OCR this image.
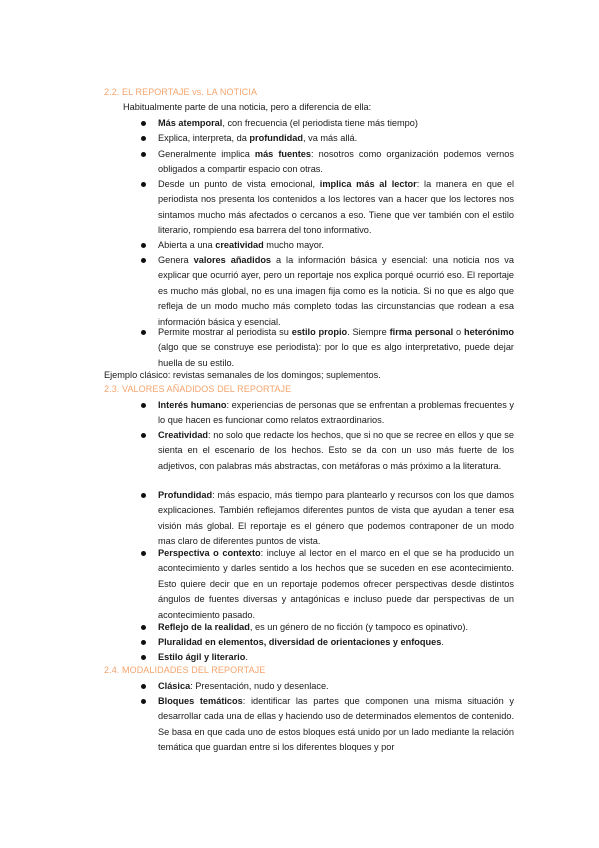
2.2. EL REPORTAJE vs. LA NOTICIA
Habitualmente parte de una noticia, pero a diferencia de ella:
Más atemporal, con frecuencia (el periodista tiene más tiempo)
Explica, interpreta, da profundidad, va más allá.
Generalmente implica más fuentes: nosotros como organización podemos vernos obligados a compartir espacio con otras.
Desde un punto de vista emocional, implica más al lector: la manera en que el periodista nos presenta los contenidos a los lectores van a hacer que los lectores nos sintamos mucho más afectados o cercanos a eso. Tiene que ver también con el estilo literario, rompiendo esa barrera del tono informativo.
Abierta a una creatividad mucho mayor.
Genera valores añadidos a la información básica y esencial: una noticia nos va explicar que ocurrió ayer, pero un reportaje nos explica porqué ocurrió eso. El reportaje es mucho más global, no es una imagen fija como es la noticia. Si no que es algo que refleja de un modo mucho más completo todas las circunstancias que rodean a esa información básica y esencial.
Permite mostrar al periodista su estilo propio. Siempre firma personal o heterónimo (algo que se construye ese periodista): por lo que es algo interpretativo, puede dejar huella de su estilo.
Ejemplo clásico: revistas semanales de los domingos; suplementos.
2.3. VALORES AÑADIDOS DEL REPORTAJE
Interés humano: experiencias de personas que se enfrentan a problemas frecuentes y lo que hacen es funcionar como relatos extraordinarios.
Creatividad: no solo que redacte los hechos, que si no que se recree en ellos y que se sienta en el escenario de los hechos. Esto se da con un uso más fuerte de los adjetivos, con palabras más abstractas, con metáforas o más próximo a la literatura.
Profundidad: más espacio, más tiempo para plantearlo y recursos con los que damos explicaciones. También reflejamos diferentes puntos de vista que ayudan a tener esa visión más global. El reportaje es el género que podemos contraponer de un modo mas claro de diferentes puntos de vista.
Perspectiva o contexto: incluye al lector en el marco en el que se ha producido un acontecimiento y darles sentido a los hechos que se suceden en ese acontecimiento. Esto quiere decir que en un reportaje podemos ofrecer perspectivas desde distintos ángulos de fuentes diversas y antagónicas e incluso puede dar perspectivas de un acontecimiento pasado.
Reflejo de la realidad, es un género de no ficción (y tampoco es opinativo).
Pluralidad en elementos, diversidad de orientaciones y enfoques.
Estilo ágil y literario.
2.4. MODALIDADES DEL REPORTAJE
Clásica: Presentación, nudo y desenlace.
Bloques temáticos: identificar las partes que componen una misma situación y desarrollar cada una de ellas y haciendo uso de determinados elementos de contenido. Se basa en que cada uno de estos bloques está unido por un lado mediante la relación temática que guardan entre si los diferentes bloques y por
